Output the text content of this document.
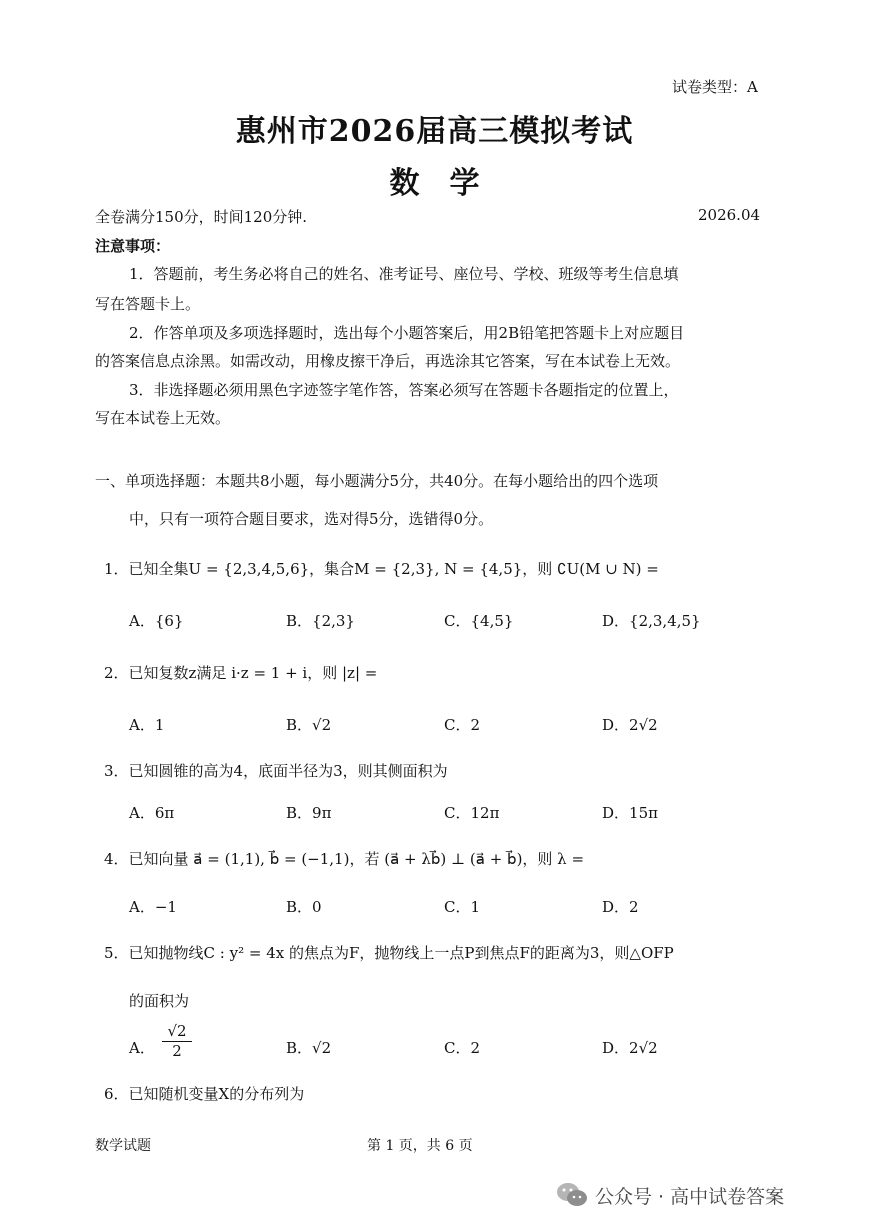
试卷类型：A
惠州市2026届高三模拟考试
数　学
全卷满分150分，时间120分钟.	2026.04
注意事项：
1．答题前，考生务必将自己的姓名、准考证号、座位号、学校、班级等考生信息填
写在答题卡上。
2．作答单项及多项选择题时，选出每个小题答案后，用2B铅笔把答题卡上对应题目
的答案信息点涂黑。如需改动，用橡皮擦干净后，再选涂其它答案，写在本试卷上无效。
3．非选择题必须用黑色字迹签字笔作答，答案必须写在答题卡各题指定的位置上，
写在本试卷上无效。
一、单项选择题：本题共8小题，每小题满分5分，共40分。在每小题给出的四个选项
中，只有一项符合题目要求，选对得5分，选错得0分。
1．已知全集U = {2,3,4,5,6}，集合M = {2,3}, N = {4,5}，则 ∁U(M ∪ N) =
A．{6}	B．{2,3}	C．{4,5}	D．{2,3,4,5}
2．已知复数z满足 i·z = 1 + i，则 |z| =
A．1	B．√2	C．2	D．2√2
3．已知圆锥的高为4，底面半径为3，则其侧面积为
A．6π	B．9π	C．12π	D．15π
4．已知向量 a⃗ = (1,1), b⃗ = (−1,1)，若 (a⃗ + λb⃗) ⊥ (a⃗ + b⃗)，则 λ =
A．−1	B．0	C．1	D．2
5．已知抛物线C : y² = 4x 的焦点为F，抛物线上一点P到焦点F的距离为3，则△OFP
的面积为
A． $\frac{√2}{2}$	B．√2	C．2	D．2√2
6．已知随机变量X的分布列为
数学试题	第 1 页，共 6 页
公众号 · 高中试卷答案
